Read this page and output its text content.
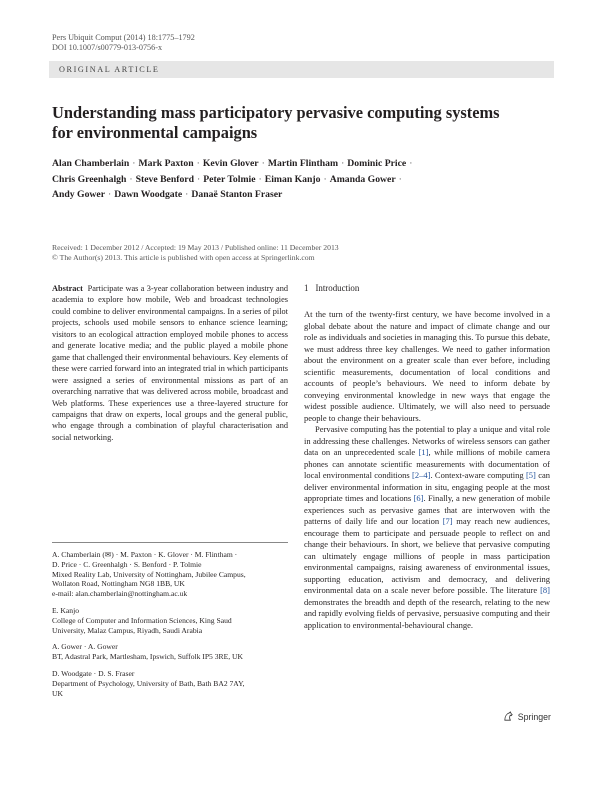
Pers Ubiquit Comput (2014) 18:1775–1792
DOI 10.1007/s00779-013-0756-x
ORIGINAL ARTICLE
Understanding mass participatory pervasive computing systems
for environmental campaigns
Alan Chamberlain · Mark Paxton · Kevin Glover · Martin Flintham · Dominic Price ·
Chris Greenhalgh · Steve Benford · Peter Tolmie · Eiman Kanjo · Amanda Gower ·
Andy Gower · Dawn Woodgate · Danaë Stanton Fraser
Received: 1 December 2012 / Accepted: 19 May 2013 / Published online: 11 December 2013
© The Author(s) 2013. This article is published with open access at Springerlink.com
Abstract Participate was a 3-year collaboration between industry and academia to explore how mobile, Web and broadcast technologies could combine to deliver environmental campaigns. In a series of pilot projects, schools used mobile sensors to enhance science learning; visitors to an ecological attraction employed mobile phones to access and generate locative media; and the public played a mobile phone game that challenged their environmental behaviours. Key elements of these were carried forward into an integrated trial in which participants were assigned a series of environmental missions as part of an overarching narrative that was delivered across mobile, broadcast and Web platforms. These experiences use a three-layered structure for campaigns that draw on experts, local groups and the general public, who engage through a combination of playful characterisation and social networking.
A. Chamberlain (✉) · M. Paxton · K. Glover · M. Flintham ·
D. Price · C. Greenhalgh · S. Benford · P. Tolmie
Mixed Reality Lab, University of Nottingham, Jubilee Campus,
Wollaton Road, Nottingham NG8 1BB, UK
e-mail: alan.chamberlain@nottingham.ac.uk
E. Kanjo
College of Computer and Information Sciences, King Saud
University, Malaz Campus, Riyadh, Saudi Arabia
A. Gower · A. Gower
BT, Adastral Park, Martlesham, Ipswich, Suffolk IP5 3RE, UK
D. Woodgate · D. S. Fraser
Department of Psychology, University of Bath, Bath BA2 7AY,
UK
1 Introduction

At the turn of the twenty-first century, we have become involved in a global debate about the nature and impact of climate change and our role as individuals and societies in managing this. To pursue this debate, we must address three key challenges. We need to gather information about the environment on a greater scale than ever before, including scientific measurements, documentation of local conditions and accounts of people’s behaviours. We need to inform debate by conveying environmental knowledge in new ways that engage the widest possible audience. Ultimately, we will also need to persuade people to change their behaviours.

Pervasive computing has the potential to play a unique and vital role in addressing these challenges. Networks of wireless sensors can gather data on an unprecedented scale [1], while millions of mobile camera phones can annotate scientific measurements with documentation of local environmental conditions [2–4]. Context-aware computing [5] can deliver environmental information in situ, engaging people at the most appropriate times and locations [6]. Finally, a new generation of mobile experiences such as pervasive games that are interwoven with the patterns of daily life and our location [7] may reach new audiences, encourage them to participate and persuade people to reflect on and change their behaviours. In short, we believe that pervasive computing can ultimately engage millions of people in mass participation environmental campaigns, raising awareness of environmental issues, supporting education, activism and democracy, and delivering environmental data on a scale never before possible. The literature [8] demonstrates the breadth and depth of the research, relating to the new and rapidly evolving fields of pervasive, persuasive computing and their application to environmental-behavioural change.

Springer
